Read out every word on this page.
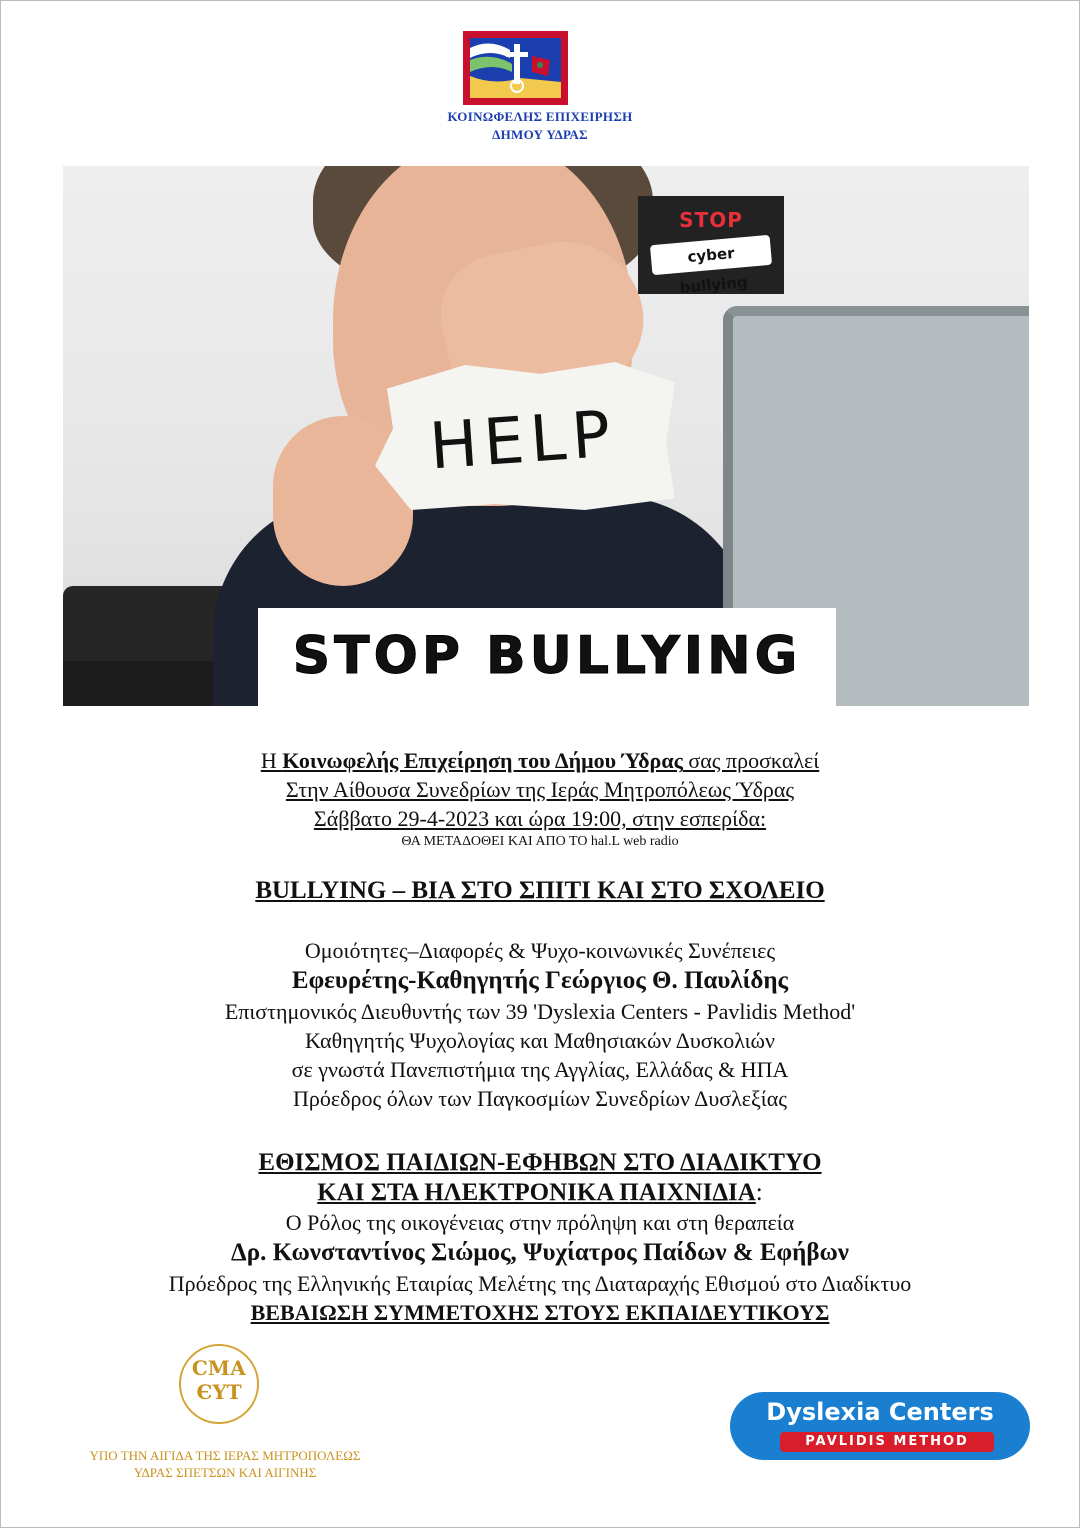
ΚΟΙΝΩΦΕΛΗΣ ΕΠΙΧΕΙΡΗΣΗ
ΔΗΜΟΥ ΥΔΡΑΣ
HELP
STOP
cyber bullying
STOP BULLYING
Η Κοινωφελής Επιχείρηση του Δήμου Ύδρας σας προσκαλεί
Στην Αίθουσα Συνεδρίων της Ιεράς Μητροπόλεως Ύδρας
Σάββατο 29-4-2023 και ώρα 19:00, στην εσπερίδα:
ΘΑ ΜΕΤΑΔΟΘΕΙ ΚΑΙ ΑΠΟ ΤΟ hal.L web radio
BULLYING – ΒΙΑ ΣΤΟ ΣΠΙΤΙ ΚΑΙ ΣΤΟ ΣΧΟΛΕΙΟ
Ομοιότητες–Διαφορές & Ψυχο-κοινωνικές Συνέπειες
Εφευρέτης-Καθηγητής Γεώργιος Θ. Παυλίδης
Επιστημονικός Διευθυντής των 39 'Dyslexia Centers - Pavlidis Method'
Καθηγητής Ψυχολογίας και Μαθησιακών Δυσκολιών
σε γνωστά Πανεπιστήμια της Αγγλίας, Ελλάδας & ΗΠΑ
Πρόεδρος όλων των Παγκοσμίων Συνεδρίων Δυσλεξίας
ΕΘΙΣΜΟΣ ΠΑΙΔΙΩΝ-ΕΦΗΒΩΝ ΣΤΟ ΔΙΑΔΙΚΤΥΟ
ΚΑΙ ΣΤΑ ΗΛΕΚΤΡΟΝΙΚΑ ΠΑΙΧΝΙΔΙΑ:
Ο Ρόλος της οικογένειας στην πρόληψη και στη θεραπεία
Δρ. Κωνσταντίνος Σιώμος, Ψυχίατρος Παίδων & Εφήβων
Πρόεδρος της Ελληνικής Εταιρίας Μελέτης της Διαταραχής Εθισμού στο Διαδίκτυο
ΒΕΒΑΙΩΣΗ ΣΥΜΜΕΤΟΧΗΣ ΣΤΟΥΣ ΕΚΠΑΙΔΕΥΤΙΚΟΥΣ
СМА
ЄΥΤ
ΥΠΟ ΤΗΝ ΑΙΓΙΔΑ ΤΗΣ ΙΕΡΑΣ ΜΗΤΡΟΠΟΛΕΩΣ
ΥΔΡΑΣ ΣΠΕΤΣΩΝ ΚΑΙ ΑΙΓΙΝΗΣ
Dyslexia Centers
PAVLIDIS METHOD
